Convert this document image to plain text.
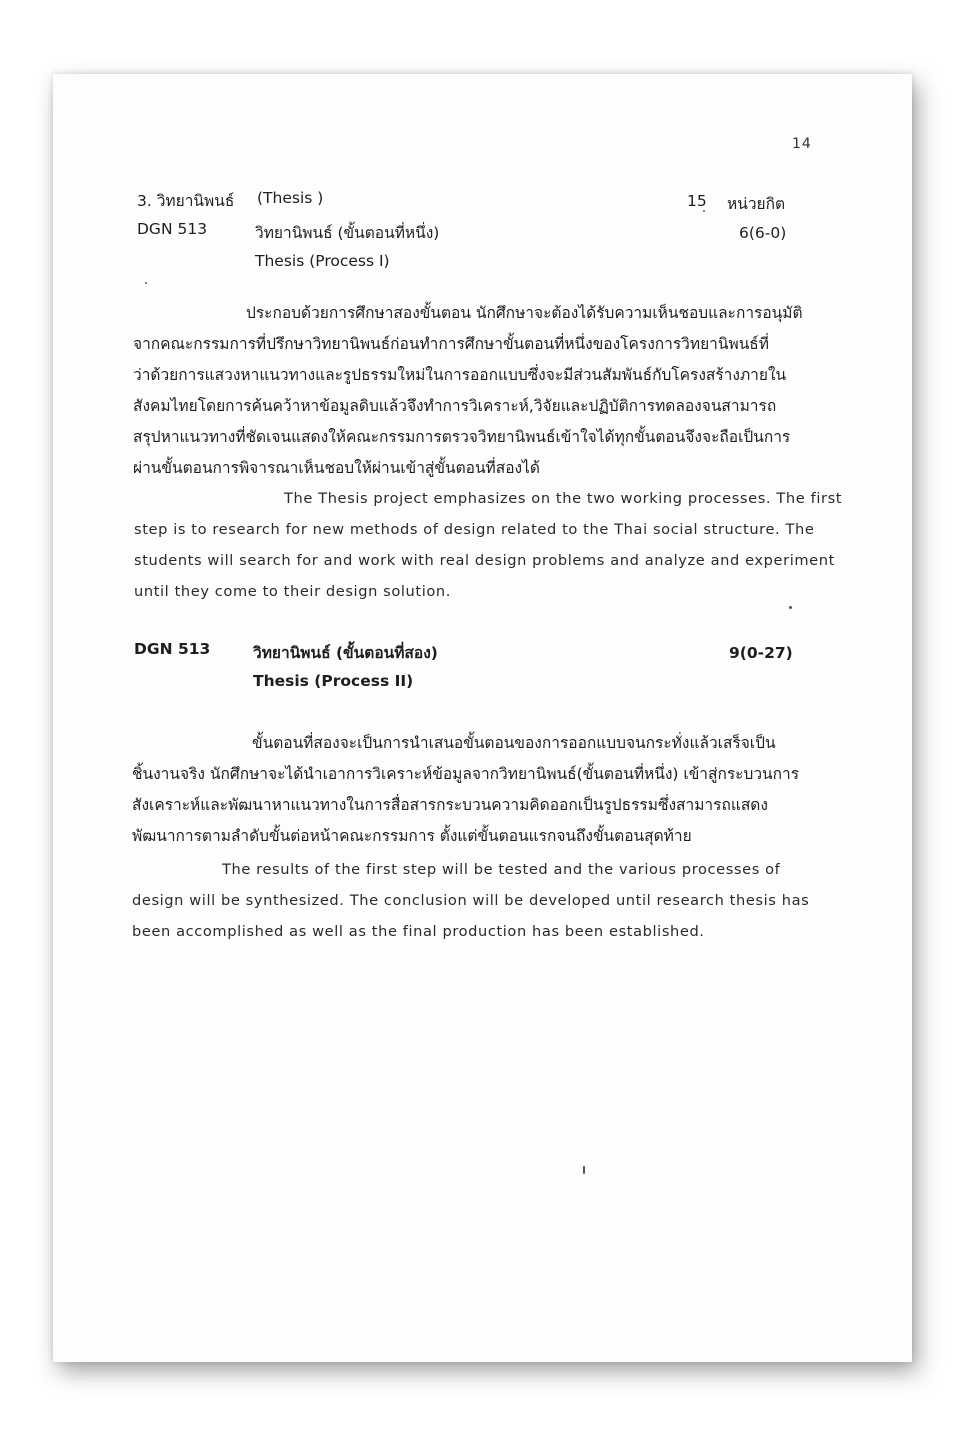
14
3. วิทยานิพนธ์ (Thesis )	15 หน่วยกิต
DGN 513	วิทยานิพนธ์ (ขั้นตอนที่หนึ่ง)	6(6-0)
Thesis (Process I)
ประกอบด้วยการศึกษาสองขั้นตอน นักศึกษาจะต้องได้รับความเห็นชอบและการอนุมัติ
จากคณะกรรมการที่ปรึกษาวิทยานิพนธ์ก่อนทำการศึกษาขั้นตอนที่หนึ่งของโครงการวิทยานิพนธ์ที่
ว่าด้วยการแสวงหาแนวทางและรูปธรรมใหม่ในการออกแบบซึ่งจะมีส่วนสัมพันธ์กับโครงสร้างภายใน
สังคมไทยโดยการค้นคว้าหาข้อมูลดิบแล้วจึงทำการวิเคราะห์,วิจัยและปฏิบัติการทดลองจนสามารถ
สรุปหาแนวทางที่ชัดเจนแสดงให้คณะกรรมการตรวจวิทยานิพนธ์เข้าใจได้ทุกขั้นตอนจึงจะถือเป็นการ
ผ่านขั้นตอนการพิจารณาเห็นชอบให้ผ่านเข้าสู่ขั้นตอนที่สองได้
The Thesis project emphasizes on the two working processes. The first
step is to research for new methods of design related to the Thai social structure. The
students will search for and work with real design problems and analyze and experiment
until they come to their design solution.
DGN 513	วิทยานิพนธ์ (ขั้นตอนที่สอง)	9(0-27)
Thesis (Process II)
ขั้นตอนที่สองจะเป็นการนำเสนอขั้นตอนของการออกแบบจนกระทั่งแล้วเสร็จเป็น
ชิ้นงานจริง นักศึกษาจะได้นำเอาการวิเคราะห์ข้อมูลจากวิทยานิพนธ์(ขั้นตอนที่หนึ่ง) เข้าสู่กระบวนการ
สังเคราะห์และพัฒนาหาแนวทางในการสื่อสารกระบวนความคิดออกเป็นรูปธรรมซึ่งสามารถแสดง
พัฒนาการตามลำดับขั้นต่อหน้าคณะกรรมการ ตั้งแต่ขั้นตอนแรกจนถึงขั้นตอนสุดท้าย
The results of the first step will be tested and the various processes of
design will be synthesized. The conclusion will be developed until research thesis has
been accomplished as well as the final production has been established.
